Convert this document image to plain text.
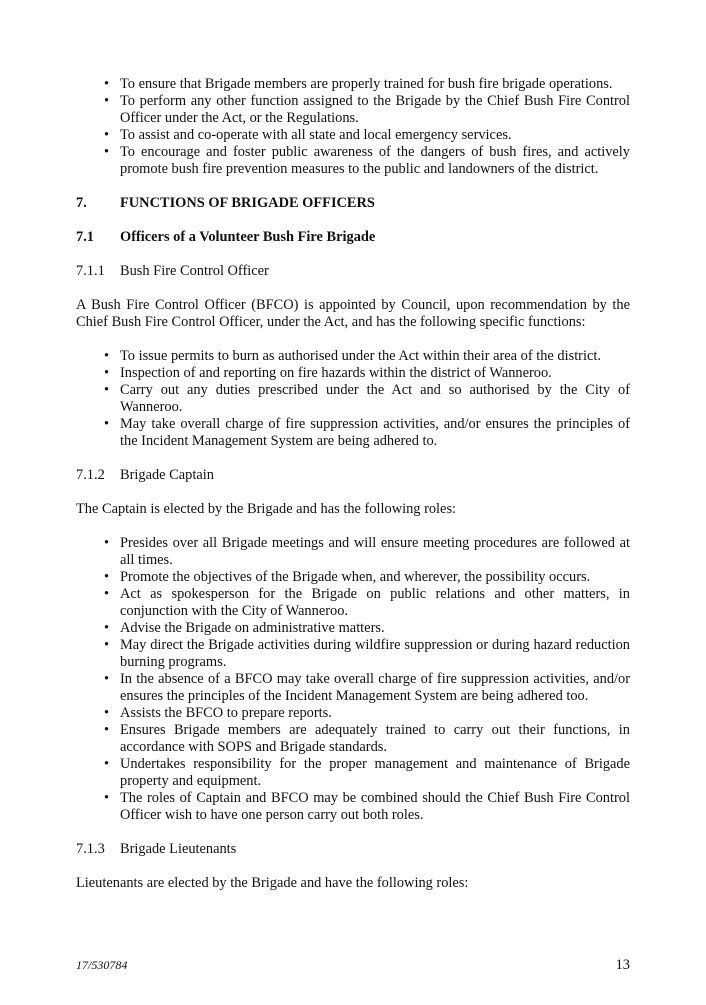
• To ensure that Brigade members are properly trained for bush fire brigade operations.
• To perform any other function assigned to the Brigade by the Chief Bush Fire Control Officer under the Act, or the Regulations.
• To assist and co-operate with all state and local emergency services.
• To encourage and foster public awareness of the dangers of bush fires, and actively promote bush fire prevention measures to the public and landowners of the district.
7.	FUNCTIONS OF BRIGADE OFFICERS
7.1	Officers of a Volunteer Bush Fire Brigade
7.1.1	Bush Fire Control Officer

A Bush Fire Control Officer (BFCO) is appointed by Council, upon recommendation by the Chief Bush Fire Control Officer, under the Act, and has the following specific functions:

• To issue permits to burn as authorised under the Act within their area of the district.
• Inspection of and reporting on fire hazards within the district of Wanneroo.
• Carry out any duties prescribed under the Act and so authorised by the City of Wanneroo.
• May take overall charge of fire suppression activities, and/or ensures the principles of the Incident Management System are being adhered to.
7.1.2	Brigade Captain

The Captain is elected by the Brigade and has the following roles:

• Presides over all Brigade meetings and will ensure meeting procedures are followed at all times.
• Promote the objectives of the Brigade when, and wherever, the possibility occurs.
• Act as spokesperson for the Brigade on public relations and other matters, in conjunction with the City of Wanneroo.
• Advise the Brigade on administrative matters.
• May direct the Brigade activities during wildfire suppression or during hazard reduction burning programs.
• In the absence of a BFCO may take overall charge of fire suppression activities, and/or ensures the principles of the Incident Management System are being adhered too.
• Assists the BFCO to prepare reports.
• Ensures Brigade members are adequately trained to carry out their functions, in accordance with SOPS and Brigade standards.
• Undertakes responsibility for the proper management and maintenance of Brigade property and equipment.
• The roles of Captain and BFCO may be combined should the Chief Bush Fire Control Officer wish to have one person carry out both roles.
7.1.3	Brigade Lieutenants

Lieutenants are elected by the Brigade and have the following roles:

17/530784	13
